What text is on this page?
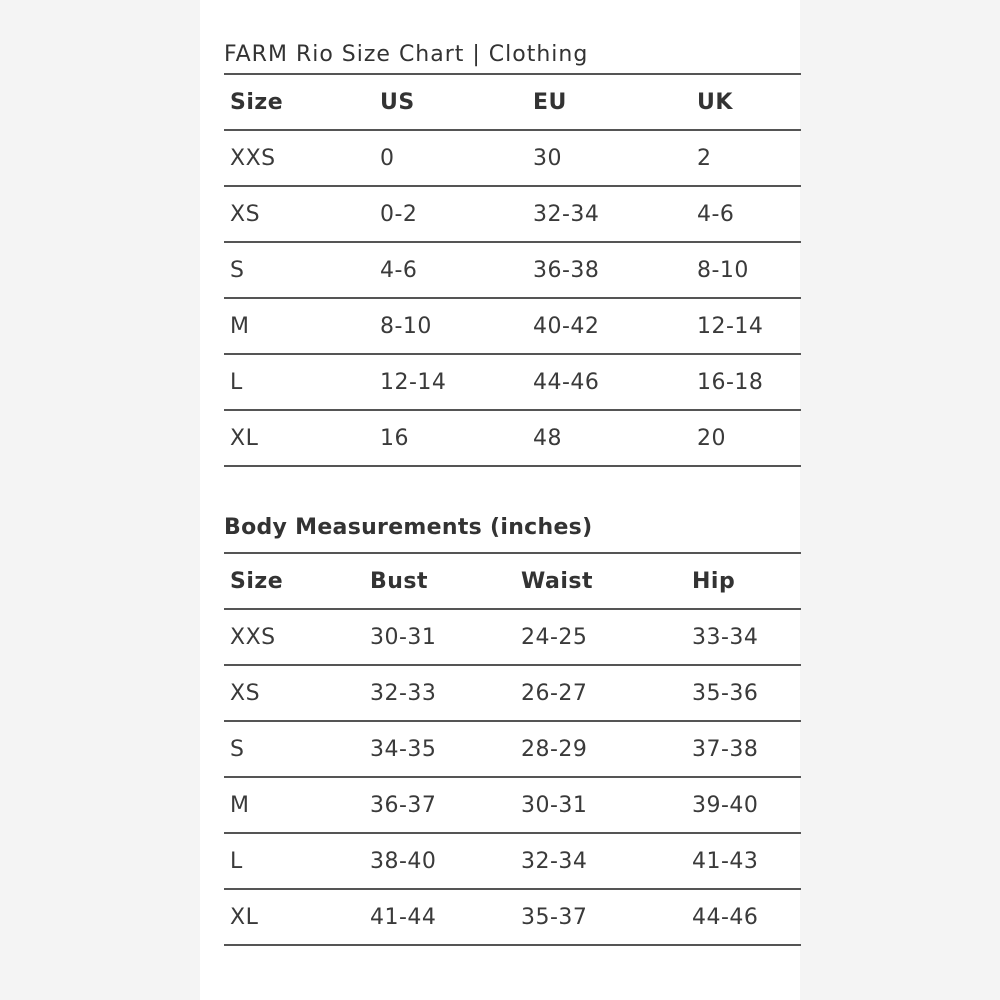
FARM Rio Size Chart | Clothing
Size	US	EU	UK
XXS	0	30	2
XS	0-2	32-34	4-6
S	4-6	36-38	8-10
M	8-10	40-42	12-14
L	12-14	44-46	16-18
XL	16	48	20
Body Measurements (inches)
Size	Bust	Waist	Hip
XXS	30-31	24-25	33-34
XS	32-33	26-27	35-36
S	34-35	28-29	37-38
M	36-37	30-31	39-40
L	38-40	32-34	41-43
XL	41-44	35-37	44-46
